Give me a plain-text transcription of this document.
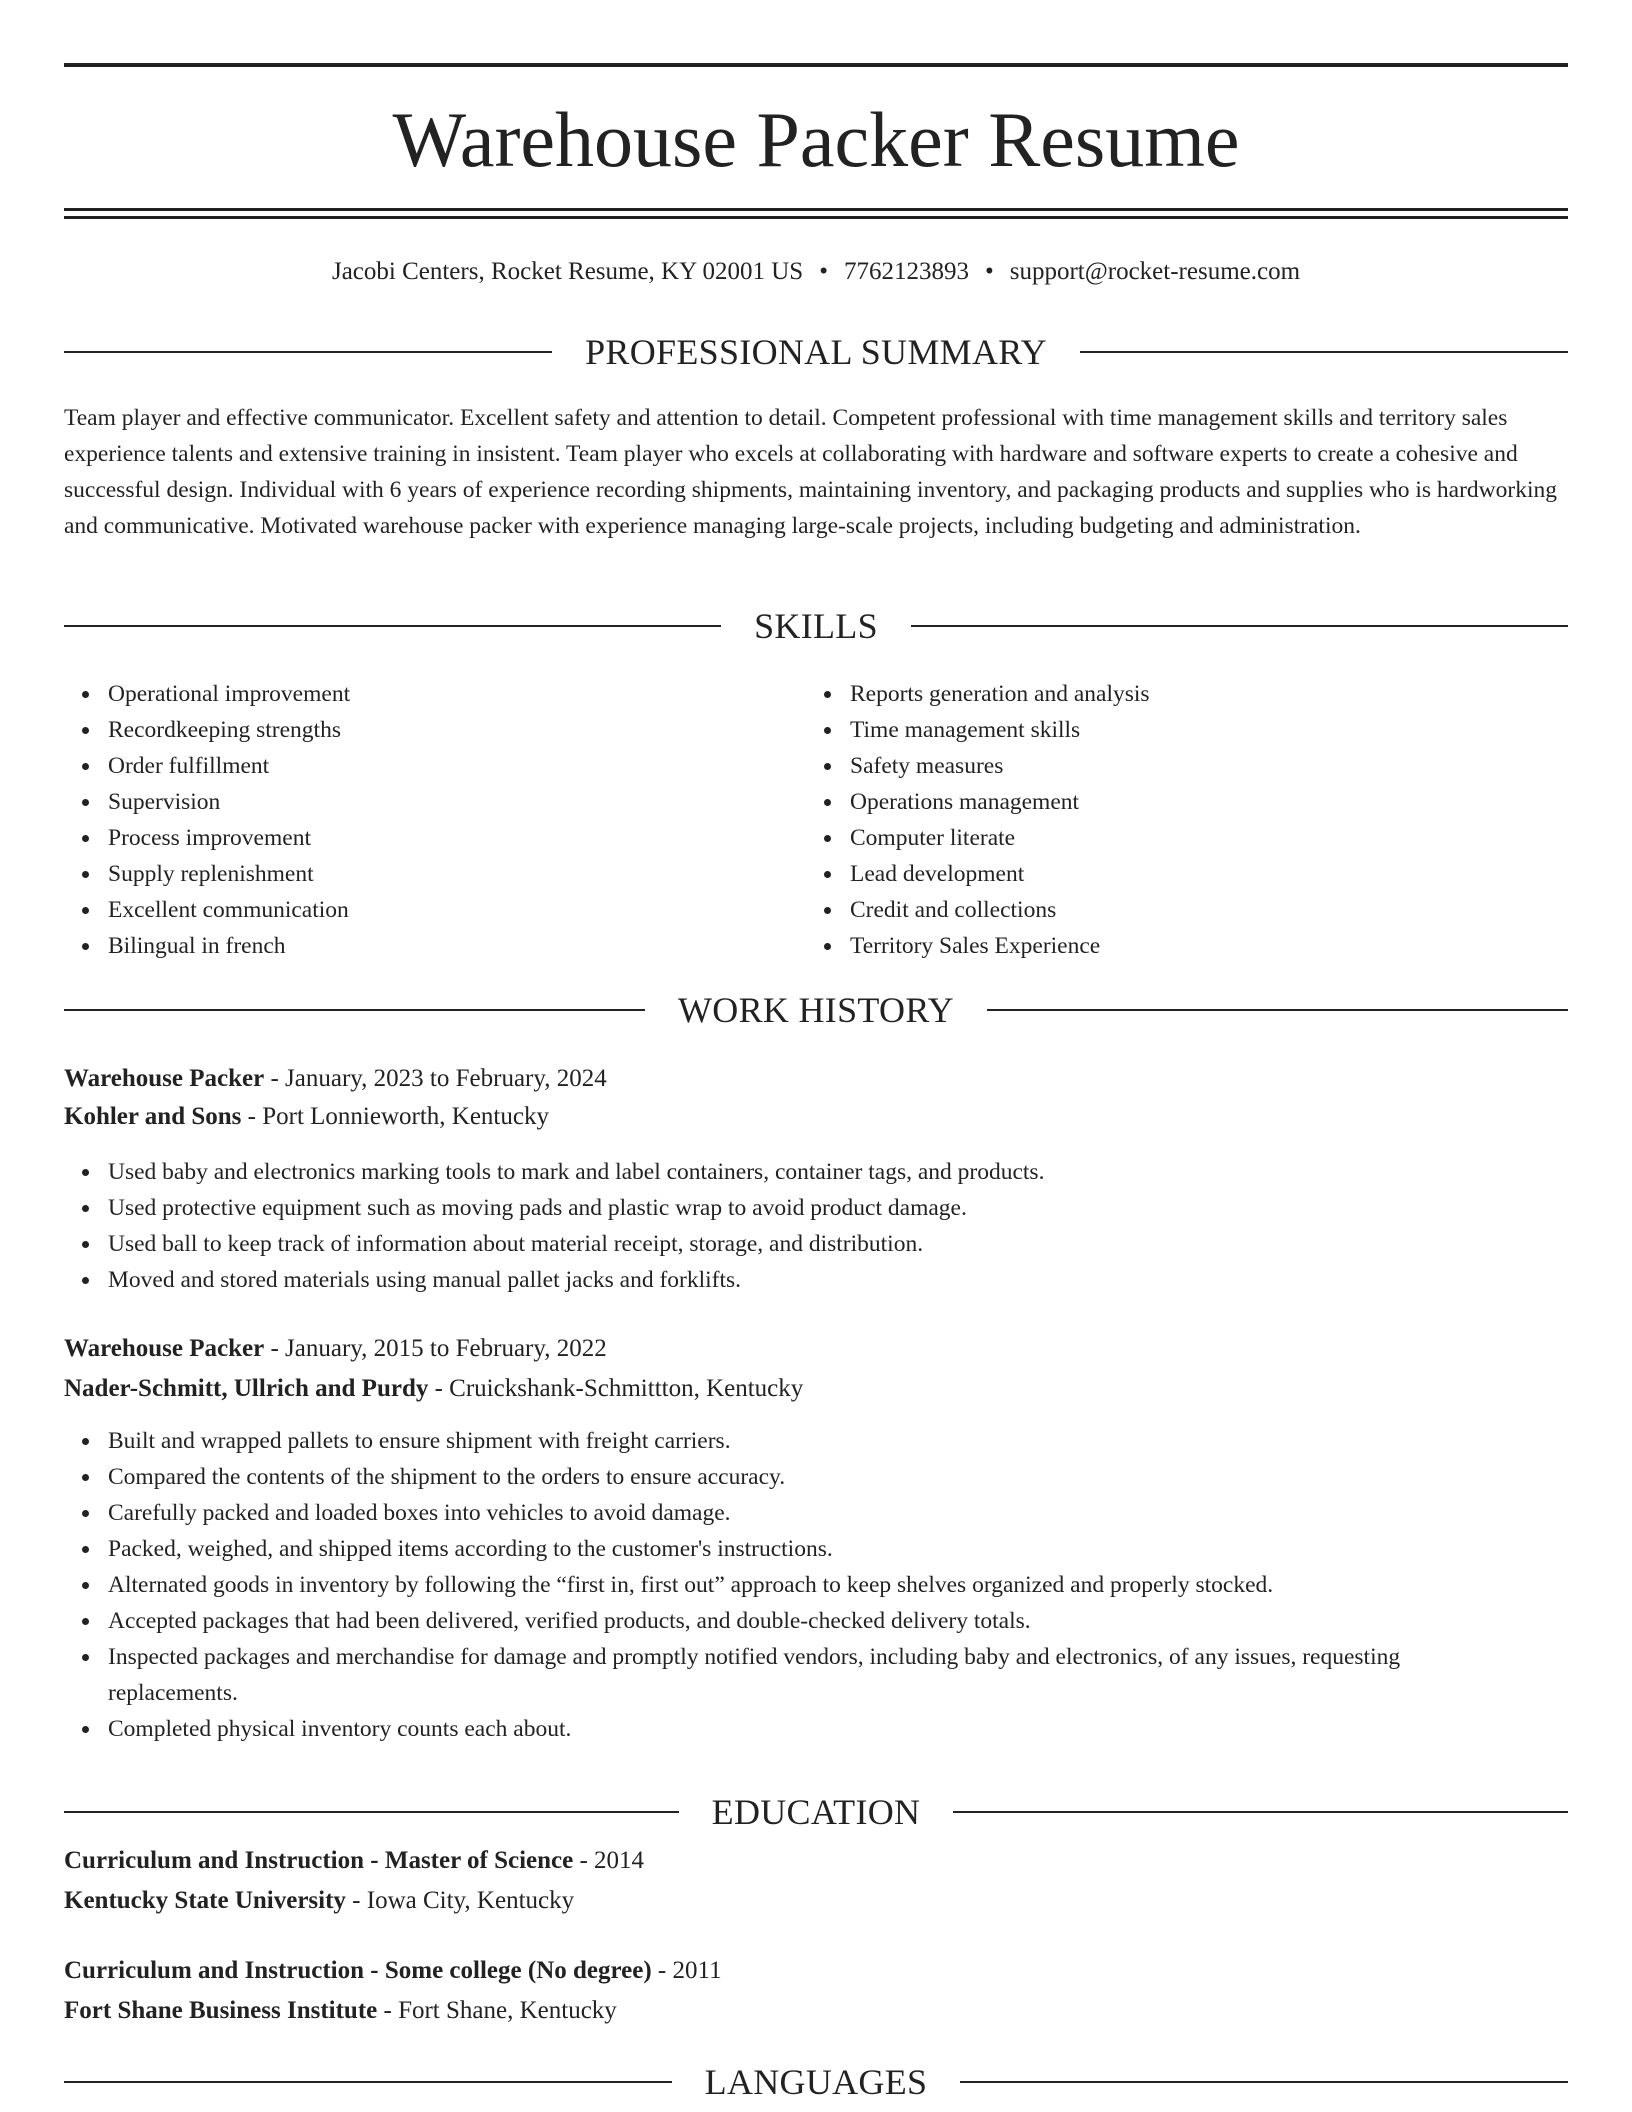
Warehouse Packer Resume
Jacobi Centers, Rocket Resume, KY 02001 US • 7762123893 • support@rocket-resume.com
PROFESSIONAL SUMMARY

Team player and effective communicator. Excellent safety and attention to detail. Competent professional with time management skills and territory sales experience talents and extensive training in insistent. Team player who excels at collaborating with hardware and software experts to create a cohesive and successful design. Individual with 6 years of experience recording shipments, maintaining inventory, and packaging products and supplies who is hardworking and communicative. Motivated warehouse packer with experience managing large-scale projects, including budgeting and administration.

SKILLS
Operational improvement
Recordkeeping strengths
Order fulfillment
Supervision
Process improvement
Supply replenishment
Excellent communication
Bilingual in french
Reports generation and analysis
Time management skills
Safety measures
Operations management
Computer literate
Lead development
Credit and collections
Territory Sales Experience
WORK HISTORY
Warehouse Packer - January, 2023 to February, 2024
Kohler and Sons - Port Lonnieworth, Kentucky
Used baby and electronics marking tools to mark and label containers, container tags, and products.
Used protective equipment such as moving pads and plastic wrap to avoid product damage.
Used ball to keep track of information about material receipt, storage, and distribution.
Moved and stored materials using manual pallet jacks and forklifts.
Warehouse Packer - January, 2015 to February, 2022
Nader-Schmitt, Ullrich and Purdy - Cruickshank-Schmittton, Kentucky
Built and wrapped pallets to ensure shipment with freight carriers.
Compared the contents of the shipment to the orders to ensure accuracy.
Carefully packed and loaded boxes into vehicles to avoid damage.
Packed, weighed, and shipped items according to the customer's instructions.
Alternated goods in inventory by following the “first in, first out” approach to keep shelves organized and properly stocked.
Accepted packages that had been delivered, verified products, and double-checked delivery totals.
Inspected packages and merchandise for damage and promptly notified vendors, including baby and electronics, of any issues, requesting replacements.
Completed physical inventory counts each about.
EDUCATION
Curriculum and Instruction - Master of Science - 2014
Kentucky State University - Iowa City, Kentucky
Curriculum and Instruction - Some college (No degree) - 2011
Fort Shane Business Institute - Fort Shane, Kentucky
LANGUAGES
